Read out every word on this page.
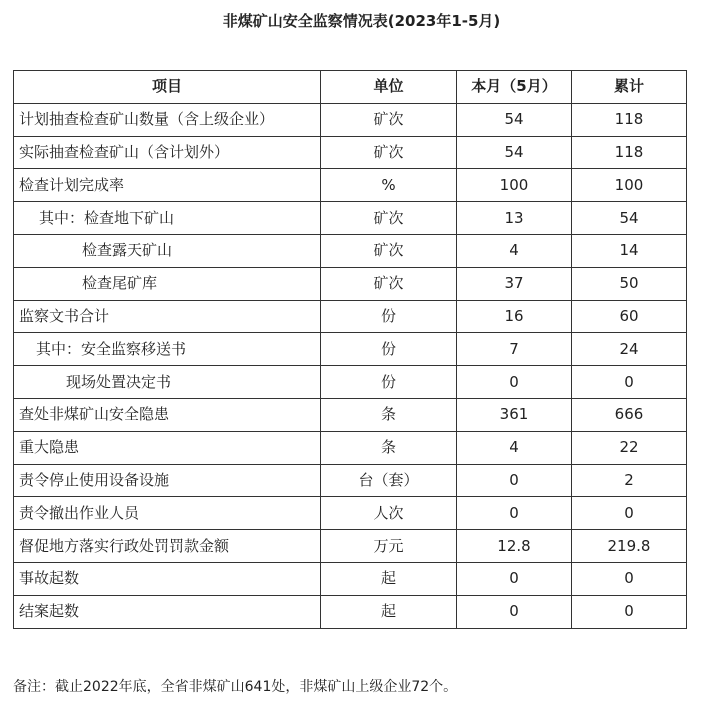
非煤矿山安全监察情况表(2023年1-5月)
项目	单位	本月（5月）	累计
计划抽查检查矿山数量（含上级企业）	矿次	54	118
实际抽查检查矿山（含计划外）	矿次	54	118
检查计划完成率	%	100	100
其中：检查地下矿山	矿次	13	54
检查露天矿山	矿次	4	14
检查尾矿库	矿次	37	50
监察文书合计	份	16	60
其中：安全监察移送书	份	7	24
现场处置决定书	份	0	0
查处非煤矿山安全隐患	条	361	666
重大隐患	条	4	22
责令停止使用设备设施	台（套）	0	2
责令撤出作业人员	人次	0	0
督促地方落实行政处罚罚款金额	万元	12.8	219.8
事故起数	起	0	0
结案起数	起	0	0
备注：截止2022年底，全省非煤矿山641处，非煤矿山上级企业72个。
